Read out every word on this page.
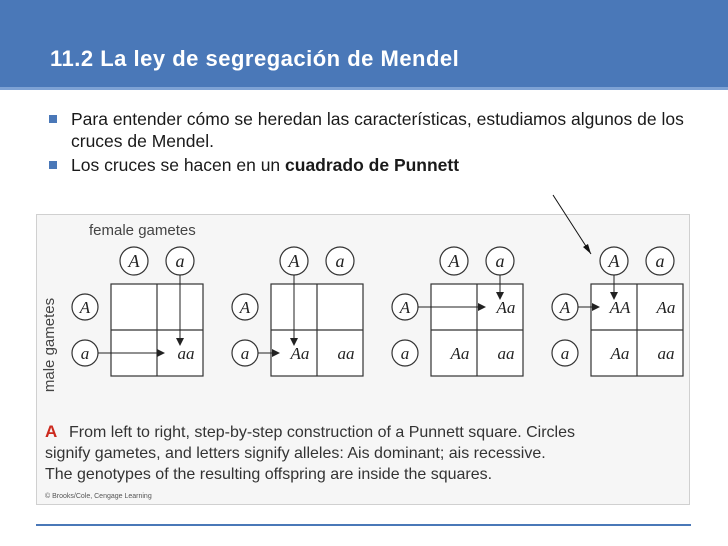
11.2 La ley de segregación de Mendel
Para entender cómo se heredan las características, estudiamos algunos de los cruces de Mendel.
Los cruces se hacen en un cuadrado de Punnett
female gametes
male gametes
A a
A
a	aa
A a
A
a Aa aa
A a
A
a
Aa
Aa aa
A a
A
a
AA Aa
Aa aa
A From left to right, step-by-step construction of a Punnett square. Circles
signify gametes, and letters signify alleles: Ais dominant; ais recessive.
The genotypes of the resulting offspring are inside the squares.
© Brooks/Cole, Cengage Learning
